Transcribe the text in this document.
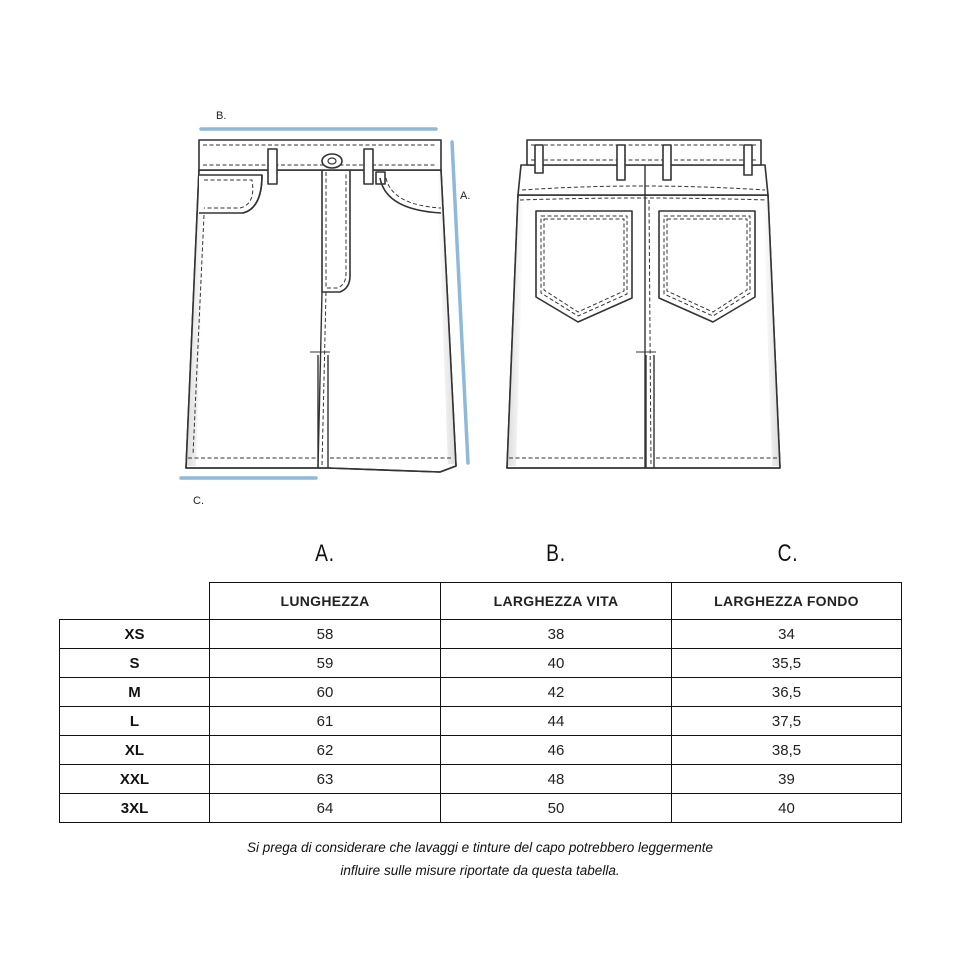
B.
A.
C.
A.	B.	C.
	LUNGHEZZA	LARGHEZZA VITA	LARGHEZZA FONDO
XS	58	38	34
S	59	40	35,5
M	60	42	36,5
L	61	44	37,5
XL	62	46	38,5
XXL	63	48	39
3XL	64	50	40
Si prega di considerare che lavaggi e tinture del capo potrebbero leggermente
influire sulle misure riportate da questa tabella.
